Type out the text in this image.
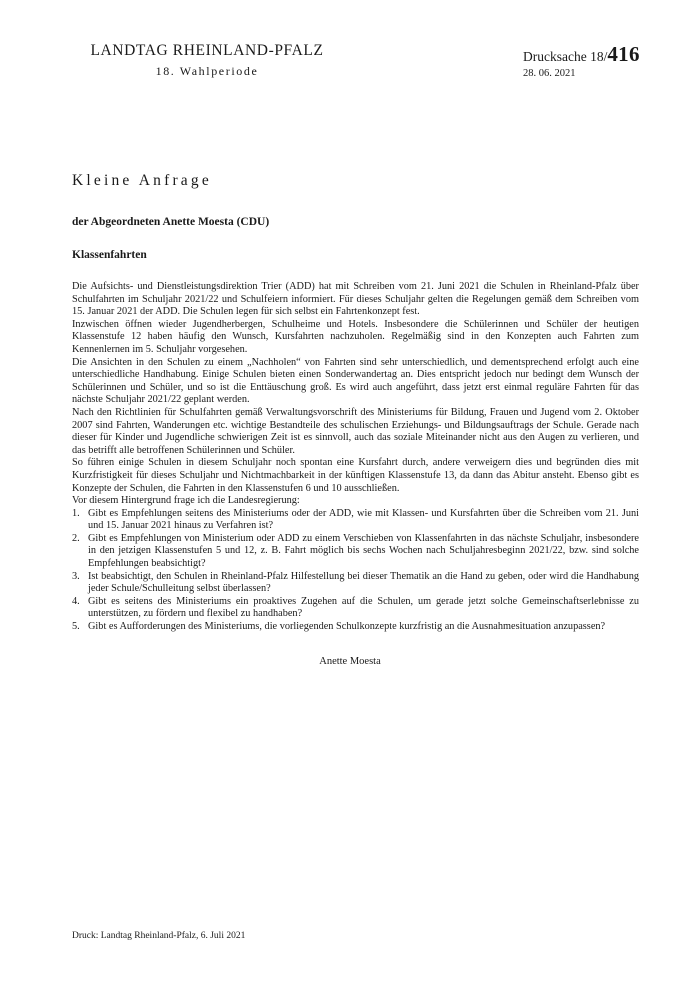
LANDTAG RHEINLAND-PFALZ
18. Wahlperiode
Drucksache 18/416
28. 06. 2021
Kleine Anfrage
der Abgeordneten Anette Moesta (CDU)
Klassenfahrten

Die Aufsichts- und Dienstleistungsdirektion Trier (ADD) hat mit Schreiben vom 21. Juni 2021 die Schulen in Rheinland-Pfalz über Schulfahrten im Schuljahr 2021/22 und Schulfeiern informiert. Für dieses Schuljahr gelten die Regelungen gemäß dem Schreiben vom 15. Januar 2021 der ADD. Die Schulen legen für sich selbst ein Fahrtenkonzept fest.

Inzwischen öffnen wieder Jugendherbergen, Schulheime und Hotels. Insbesondere die Schülerinnen und Schüler der heutigen Klassenstufe 12 haben häufig den Wunsch, Kursfahrten nachzuholen. Regelmäßig sind in den Konzepten auch Fahrten zum Kennenlernen im 5. Schuljahr vorgesehen.

Die Ansichten in den Schulen zu einem „Nachholen“ von Fahrten sind sehr unterschiedlich, und dementsprechend erfolgt auch eine unterschiedliche Handhabung. Einige Schulen bieten einen Sonderwandertag an. Dies entspricht jedoch nur bedingt dem Wunsch der Schülerinnen und Schüler, und so ist die Enttäuschung groß. Es wird auch angeführt, dass jetzt erst einmal reguläre Fahrten für das nächste Schuljahr 2021/22 geplant werden.

Nach den Richtlinien für Schulfahrten gemäß Verwaltungsvorschrift des Ministeriums für Bildung, Frauen und Jugend vom 2. Oktober 2007 sind Fahrten, Wanderungen etc. wichtige Bestandteile des schulischen Erziehungs- und Bildungsauftrags der Schule. Gerade nach dieser für Kinder und Jugendliche schwierigen Zeit ist es sinnvoll, auch das soziale Miteinander nicht aus den Augen zu verlieren, und das betrifft alle betroffenen Schülerinnen und Schüler.

So führen einige Schulen in diesem Schuljahr noch spontan eine Kursfahrt durch, andere verweigern dies und begründen dies mit Kurzfristigkeit für dieses Schuljahr und Nichtmachbarkeit in der künftigen Klassenstufe 13, da dann das Abitur ansteht. Ebenso gibt es Konzepte der Schulen, die Fahrten in den Klassenstufen 6 und 10 ausschließen.

Vor diesem Hintergrund frage ich die Landesregierung:

1. Gibt es Empfehlungen seitens des Ministeriums oder der ADD, wie mit Klassen- und Kursfahrten über die Schreiben vom 21. Juni und 15. Januar 2021 hinaus zu Verfahren ist?
2. Gibt es Empfehlungen von Ministerium oder ADD zu einem Verschieben von Klassenfahrten in das nächste Schuljahr, insbesondere in den jetzigen Klassenstufen 5 und 12, z. B. Fahrt möglich bis sechs Wochen nach Schuljahresbeginn 2021/22, bzw. sind solche Empfehlungen beabsichtigt?
3. Ist beabsichtigt, den Schulen in Rheinland-Pfalz Hilfestellung bei dieser Thematik an die Hand zu geben, oder wird die Handhabung jeder Schule/Schulleitung selbst überlassen?
4. Gibt es seitens des Ministeriums ein proaktives Zugehen auf die Schulen, um gerade jetzt solche Gemeinschaftserlebnisse zu unterstützen, zu fördern und flexibel zu handhaben?
5. Gibt es Aufforderungen des Ministeriums, die vorliegenden Schulkonzepte kurzfristig an die Ausnahmesituation anzupassen?
Anette Moesta
Druck: Landtag Rheinland-Pfalz, 6. Juli 2021
